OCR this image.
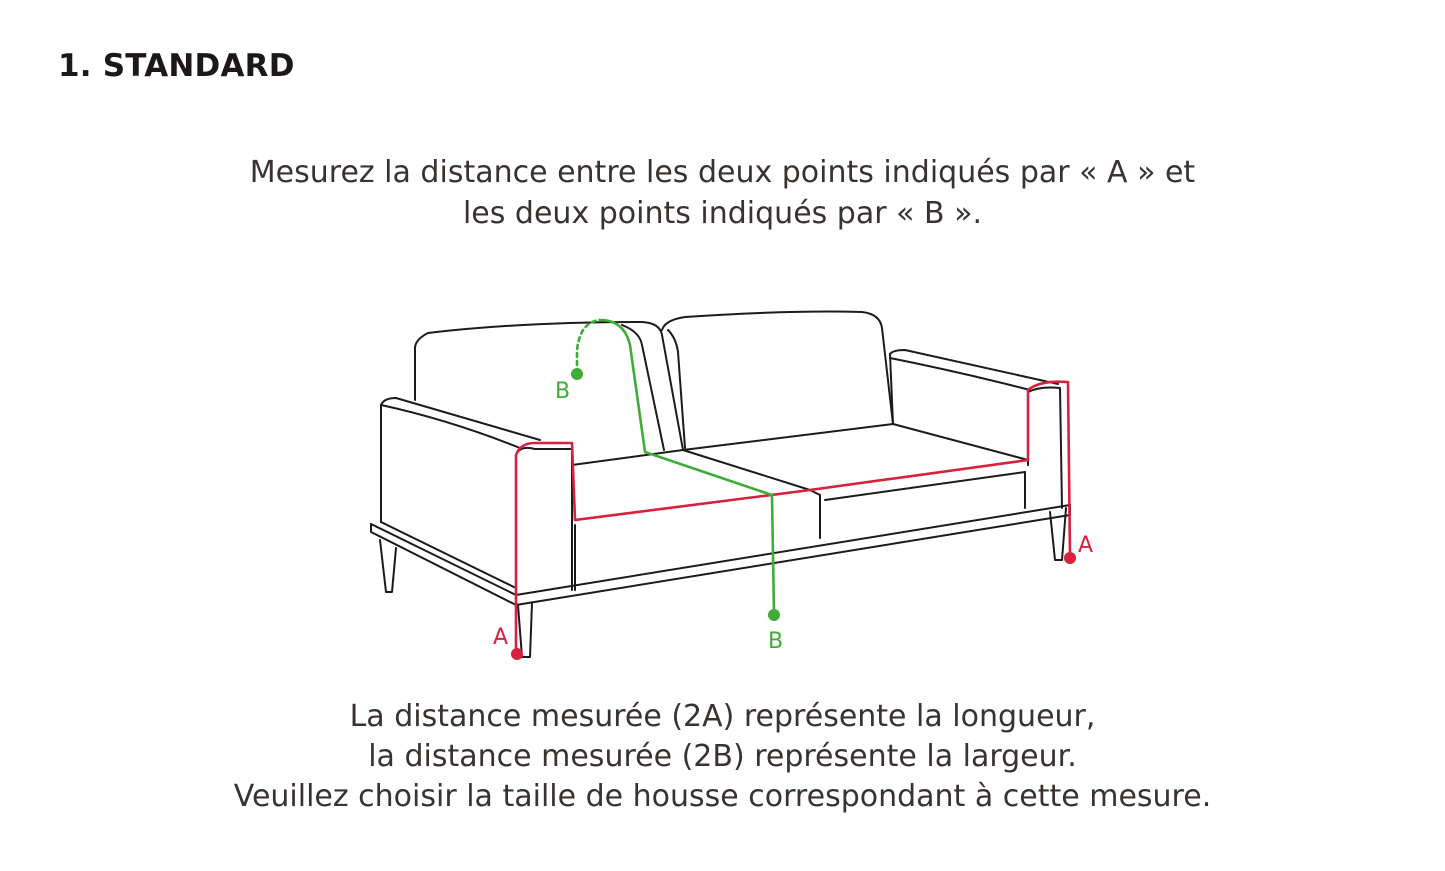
1. STANDARD

Mesurez la distance entre les deux points indiqués par « A » et
les deux points indiqués par « B ».

A
A
B
B

La distance mesurée (2A) représente la longueur,
la distance mesurée (2B) représente la largeur.
Veuillez choisir la taille de housse correspondant à cette mesure.
